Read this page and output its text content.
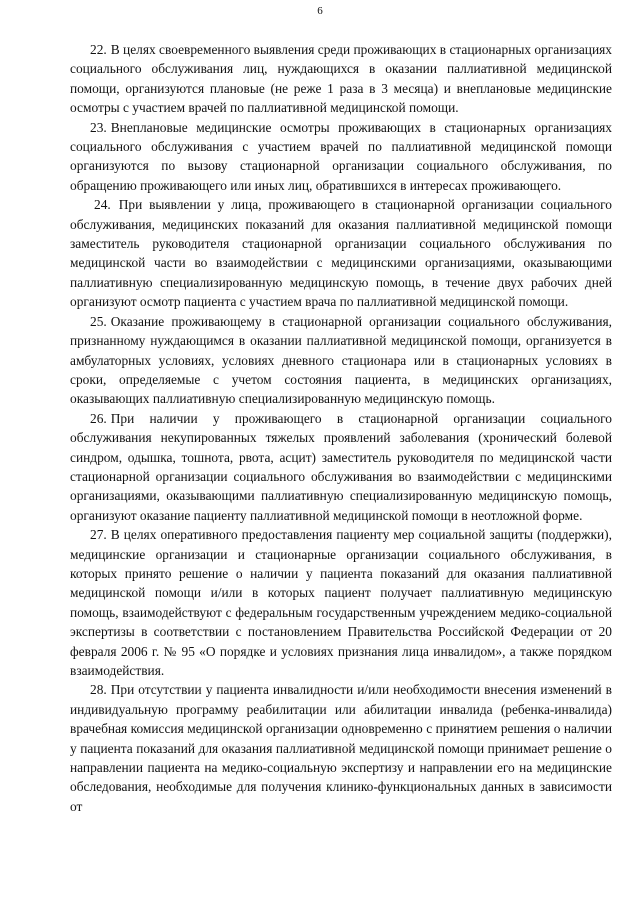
6

22. В целях своевременного выявления среди проживающих в стационарных организациях социального обслуживания лиц, нуждающихся в оказании паллиативной медицинской помощи, организуются плановые (не реже 1 раза в 3 месяца) и внеплановые медицинские осмотры с участием врачей по паллиативной медицинской помощи.

23. Внеплановые медицинские осмотры проживающих в стационарных организациях социального обслуживания с участием врачей по паллиативной медицинской помощи организуются по вызову стационарной организации социального обслуживания, по обращению проживающего или иных лиц, обратившихся в интересах проживающего.

24. При выявлении у лица, проживающего в стационарной организации социального обслуживания, медицинских показаний для оказания паллиативной медицинской помощи заместитель руководителя стационарной организации социального обслуживания по медицинской части во взаимодействии с медицинскими организациями, оказывающими паллиативную специализированную медицинскую помощь, в течение двух рабочих дней организуют осмотр пациента с участием врача по паллиативной медицинской помощи.

25. Оказание проживающему в стационарной организации социального обслуживания, признанному нуждающимся в оказании паллиативной медицинской помощи, организуется в амбулаторных условиях, условиях дневного стационара или в стационарных условиях в сроки, определяемые с учетом состояния пациента, в медицинских организациях, оказывающих паллиативную специализированную медицинскую помощь.

26. При наличии у проживающего в стационарной организации социального обслуживания некупированных тяжелых проявлений заболевания (хронический болевой синдром, одышка, тошнота, рвота, асцит) заместитель руководителя по медицинской части стационарной организации социального обслуживания во взаимодействии с медицинскими организациями, оказывающими паллиативную специализированную медицинскую помощь, организуют оказание пациенту паллиативной медицинской помощи в неотложной форме.

27. В целях оперативного предоставления пациенту мер социальной защиты (поддержки), медицинские организации и стационарные организации социального обслуживания, в которых принято решение о наличии у пациента показаний для оказания паллиативной медицинской помощи и/или в которых пациент получает паллиативную медицинскую помощь, взаимодействуют с федеральным государственным учреждением медико-социальной экспертизы в соответствии с постановлением Правительства Российской Федерации от 20 февраля 2006 г. № 95 «О порядке и условиях признания лица инвалидом», а также порядком взаимодействия.

28. При отсутствии у пациента инвалидности и/или необходимости внесения изменений в индивидуальную программу реабилитации или абилитации инвалида (ребенка-инвалида) врачебная комиссия медицинской организации одновременно с принятием решения о наличии у пациента показаний для оказания паллиативной медицинской помощи принимает решение о направлении пациента на медико-социальную экспертизу и направлении его на медицинские обследования, необходимые для получения клинико-функциональных данных в зависимости от
